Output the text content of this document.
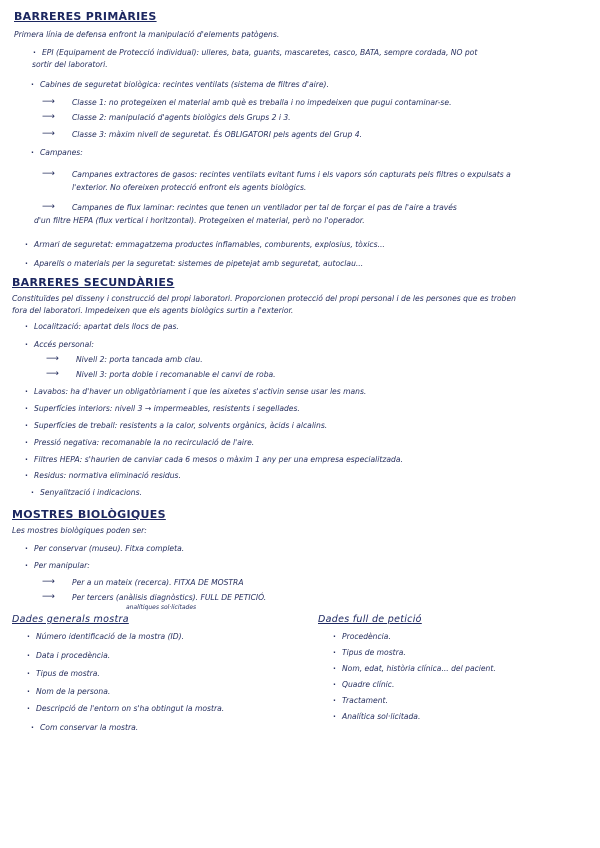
BARRERES PRIMÀRIES
Primera línia de defensa enfront la manipulació d'elements patògens.
· EPI (Equipament de Protecció individual): ulleres, bata, guants, mascaretes, casco, BATA, sempre cordada, NO pot
sortir del laboratori.
· Cabines de seguretat biològica: recintes ventilats (sistema de filtres d'aire).
⟶ Classe 1: no protegeixen el material amb què es treballa i no impedeixen que pugui contaminar-se.
⟶ Classe 2: manipulació d'agents biològics dels Grups 2 i 3.
⟶ Classe 3: màxim nivell de seguretat. És OBLIGATORI pels agents del Grup 4.
· Campanes:
⟶ Campanes extractores de gasos: recintes ventilats evitant fums i els vapors són capturats pels filtres o expulsats a
l'exterior. No ofereixen protecció enfront els agents biològics.
⟶ Campanes de flux laminar: recintes que tenen un ventilador per tal de forçar el pas de l'aire a través
d'un filtre HEPA (flux vertical i horitzontal). Protegeixen el material, però no l'operador.
· Armari de seguretat: emmagatzema productes inflamables, comburents, explosius, tòxics...
· Aparells o materials per la seguretat: sistemes de pipetejat amb seguretat, autoclau...
BARRERES SECUNDÀRIES
Constituïdes pel disseny i construcció del propi laboratori. Proporcionen protecció del propi personal i de les persones que es troben
fora del laboratori. Impedeixen que els agents biològics surtin a l'exterior.
· Localització: apartat dels llocs de pas.
· Accés personal:
⟶ Nivell 2: porta tancada amb clau.
⟶ Nivell 3: porta doble i recomanable el canvi de roba.
· Lavabos: ha d'haver un obligatòriament i que les aixetes s'activin sense usar les mans.
· Superfícies interiors: nivell 3 → impermeables, resistents i segellades.
· Superfícies de treball: resistents a la calor, solvents orgànics, àcids i alcalins.
· Pressió negativa: recomanable la no recirculació de l'aire.
· Filtres HEPA: s'haurien de canviar cada 6 mesos o màxim 1 any per una empresa especialitzada.
· Residus: normativa eliminació residus.
· Senyalització i indicacions.
MOSTRES BIOLÒGIQUES
Les mostres biològiques poden ser:
· Per conservar (museu). Fitxa completa.
· Per manipular:
⟶ Per a un mateix (recerca). FITXA DE MOSTRA
⟶ Per tercers (anàlisis diagnòstics). FULL DE PETICIÓ.
analítiques sol·licitades
Dades generals mostra
· Número identificació de la mostra (ID).
· Data i procedència.
· Tipus de mostra.
· Nom de la persona.
· Descripció de l'entorn on s'ha obtingut la mostra.
· Com conservar la mostra.
Dades full de petició
· Procedència.
· Tipus de mostra.
· Nom, edat, història clínica... del pacient.
· Quadre clínic.
· Tractament.
· Analítica sol·licitada.
